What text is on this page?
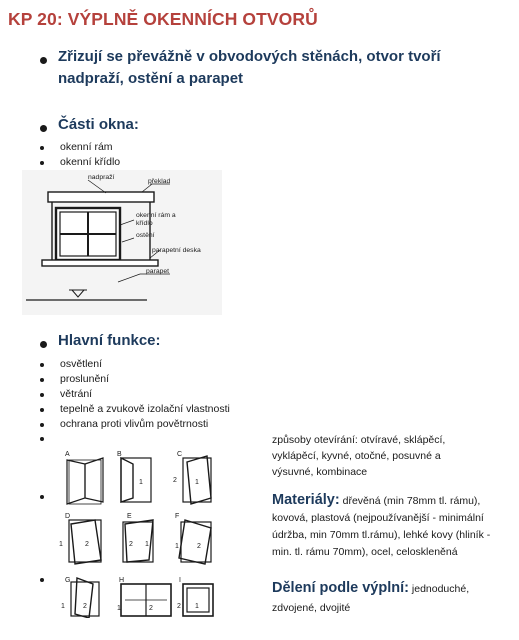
KP 20: VÝPLNĚ OKENNÍCH OTVORŮ
Zřizují se převážně v obvodových stěnách, otvor tvoří nadpraží, ostění a parapet
Části okna:
okenní rám
okenní křídlo
nadpraží
překlad
okenní rám a
křídlo
ostění
parapetní deska
parapet
Hlavní funkce:
osvětlení
proslunění
větrání
tepelně a zvukově izolační vlastnosti
ochrana proti vlivům povětrnosti
A	B
1
C
2	1
D
1	2
E
2 1
F
1	2
G
1	2
H
1	2
I
2 1
způsoby otevírání: otvíravé, sklápěcí, vyklápěcí, kyvné, otočné, posuvné a výsuvné, kombinace
Materiály: dřevěná (min 78mm tl. rámu), kovová, plastová (nejpoužívanější - minimální údržba, min 70mm tl.rámu), lehké kovy (hliník -min. tl. rámu 70mm), ocel, celoskleněná
Dělení podle výplní: jednoduché, zdvojené, dvojité
